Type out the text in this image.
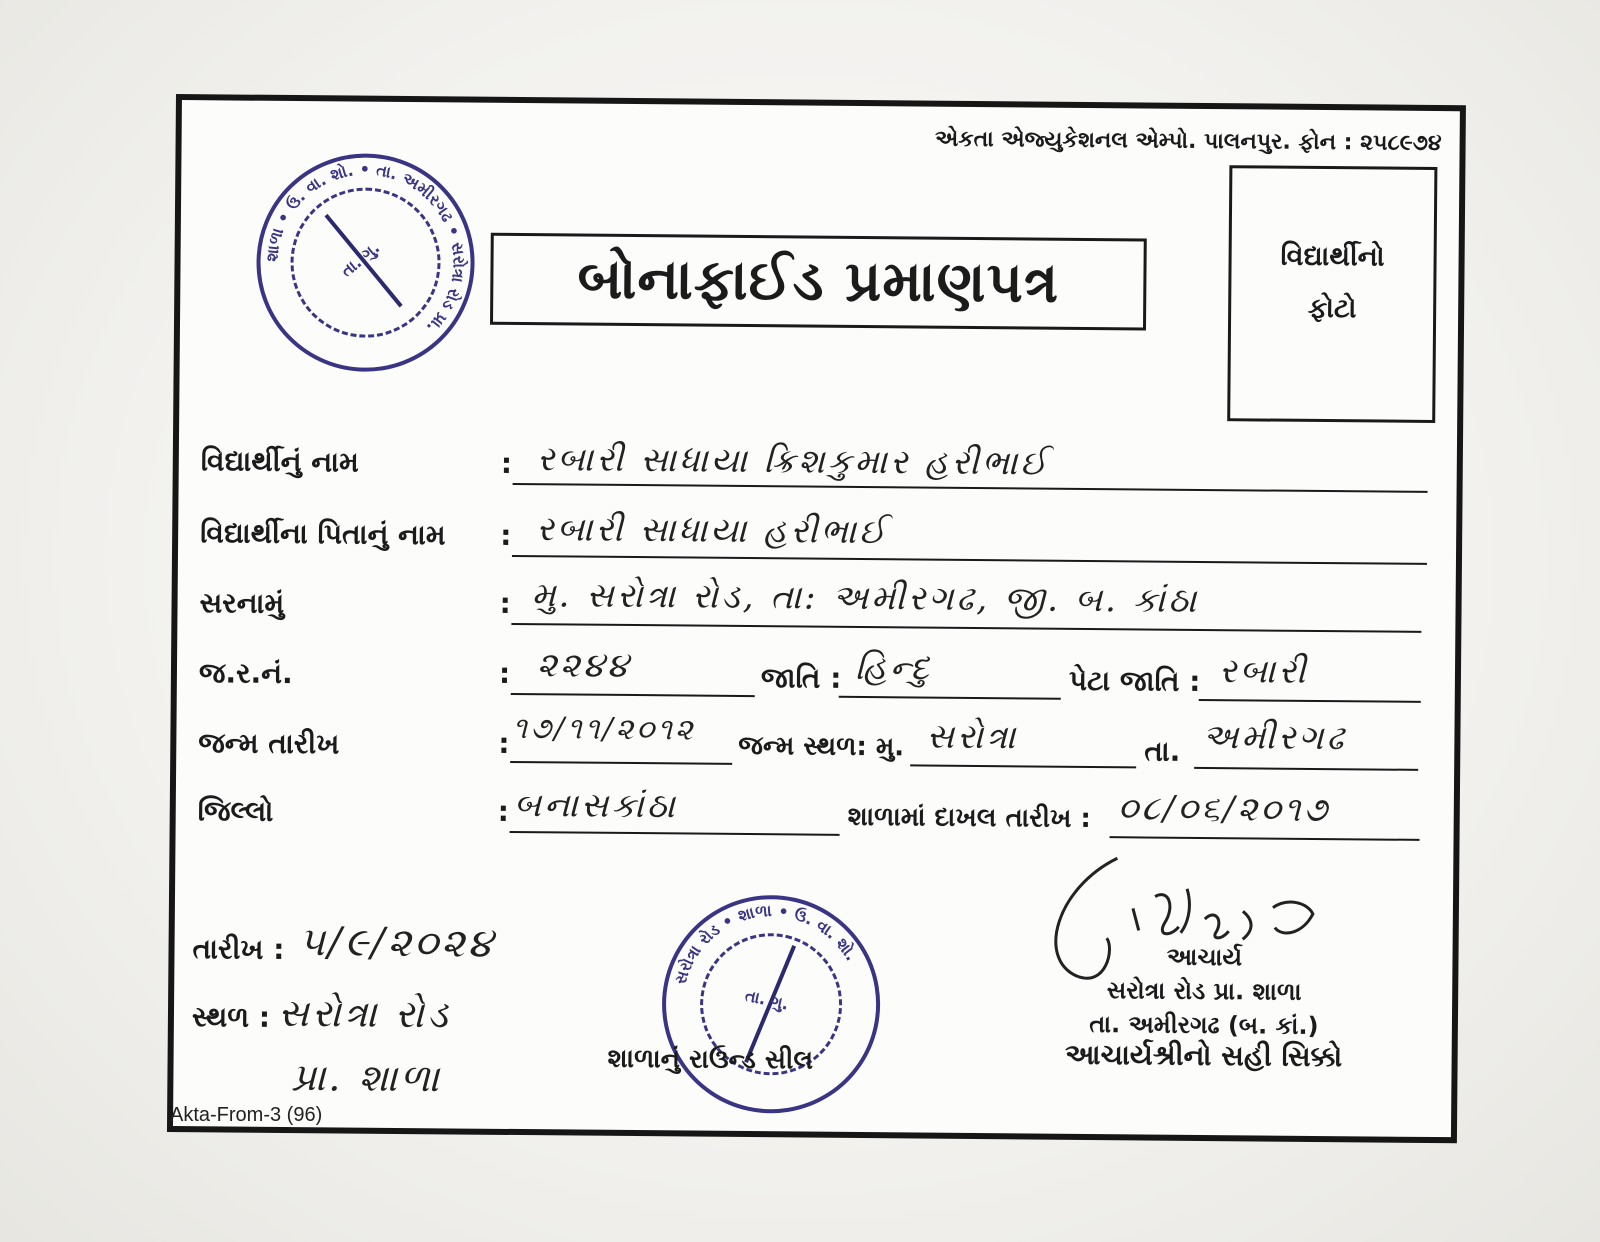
એકતા એજ્યુકેશનલ એમ્પો. પાલનપુર. ફોન : ૨૫૮૯૭૪
વિદ્યાર્થીનો
ફોટો
શાળા • ઉ. વા. શો. • તા. અમીરગઢ • સરોત્રા રોડ પ્રા.
તા. ગુ.	બોનાફાઈડ પ્રમાણપત્ર
વિદ્યાર્થીનું નામ	: રબારી સાધાયા ક્રિશકુમાર હરીભાઈ
વિદ્યાર્થીના પિતાનું નામ : રબારી સાધાયા હરીભાઈ
સરનામું	: મુ. સરોત્રા રોડ, તા: અમીરગઢ, જી. બ. કાંઠા
જ.ર.નં.	: ૨૨૪૪	જાતિ : હિન્દુ	પેટા જાતિ : રબારી
જન્મ તારીખ	: ૧૭/૧૧/૨૦૧૨ જન્મ સ્થળ: મુ. સરોત્રા	તા. અમીરગઢ
જિલ્લો	: બનાસકાંઠા	શાળામાં દાખલ તારીખ : ૦૮/૦૬/૨૦૧૭
તારીખ : ૫/૯/૨૦૨૪
સ્થળ : સરોત્રા રોડ
પ્રા. શાળા
સરોત્રા રોડ • શાળા • ઉ. વા. શો.
તા. ગુ.
શાળાનું રાઉન્ડ સીલ
આચાર્ય
સરોત્રા રોડ પ્રા. શાળા
તા. અમીરગઢ (બ. કાં.)
આચાર્યશ્રીનો સહી સિક્કો
Akta-From-3 (96)
